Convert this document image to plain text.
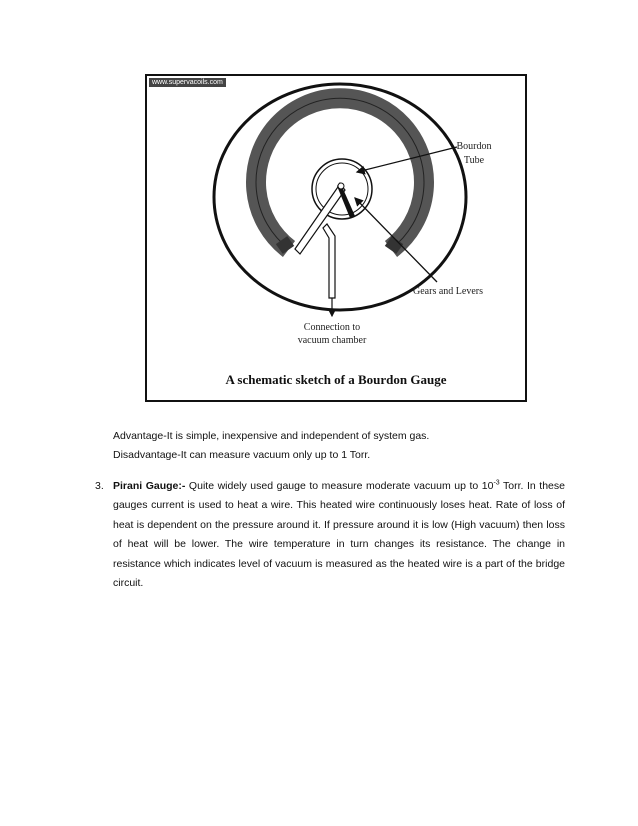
www.supervacoils.com
Bourdon
Tube
Gears and Levers
Connection to
vacuum chamber
A schematic sketch of a Bourdon Gauge
Advantage-It is simple, inexpensive and independent of system gas.
Disadvantage-It can measure vacuum only up to 1 Torr.
3. Pirani Gauge:- Quite widely used gauge to measure moderate vacuum up to $10^{-3}$ Torr. In these gauges current is used to heat a wire. This heated wire continuously loses heat. Rate of loss of heat is dependent on the pressure around it. If pressure around it is low (High vacuum) then loss of heat will be lower. The wire temperature in turn changes its resistance. The change in resistance which indicates level of vacuum is measured as the heated wire is a part of the bridge circuit.
